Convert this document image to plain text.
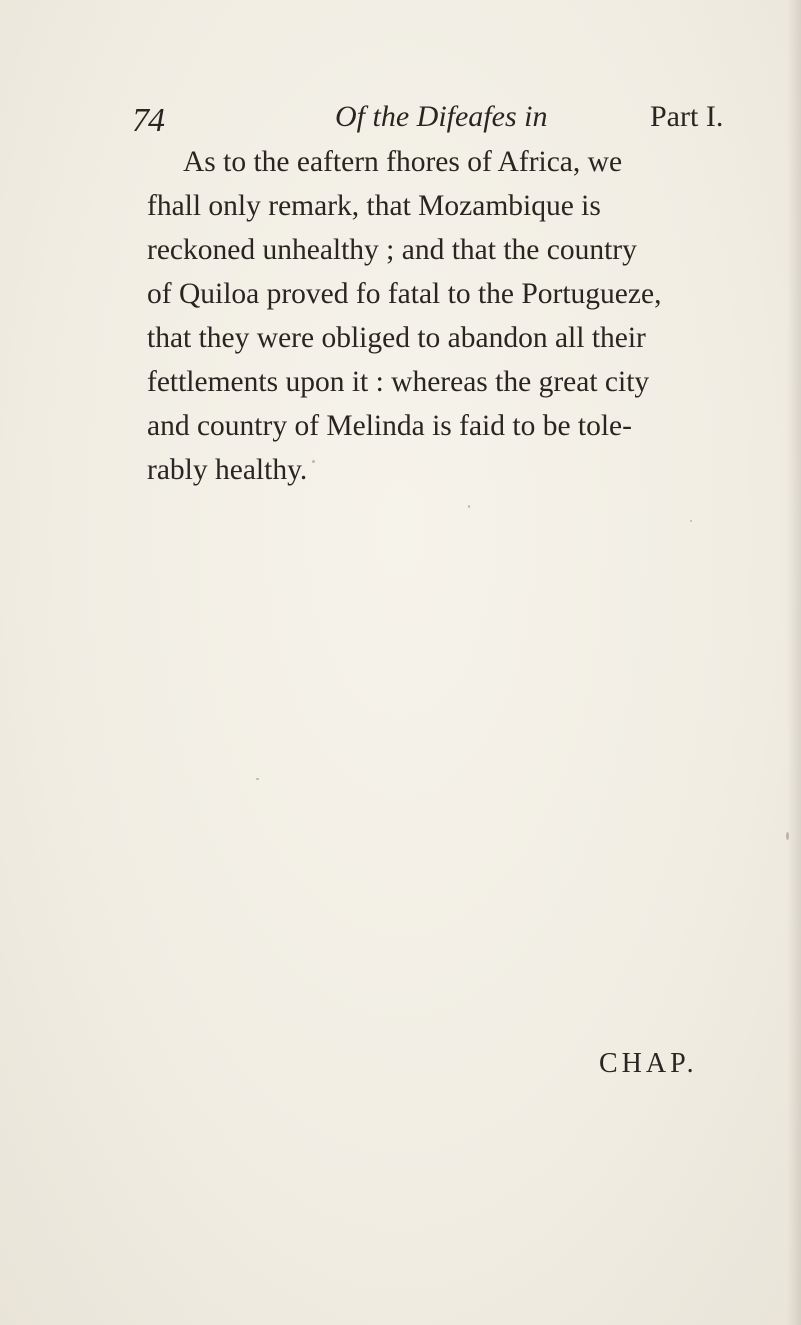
74	Of the Difeafes in	Part I.
As to the eaftern fhores of Africa, we
fhall only remark, that Mozambique is
reckoned unhealthy ; and that the country
of Quiloa proved fo fatal to the Portugueze,
that they were obliged to abandon all their
fettlements upon it : whereas the great city
and country of Melinda is faid to be tole-
rably healthy.
CHAP.
